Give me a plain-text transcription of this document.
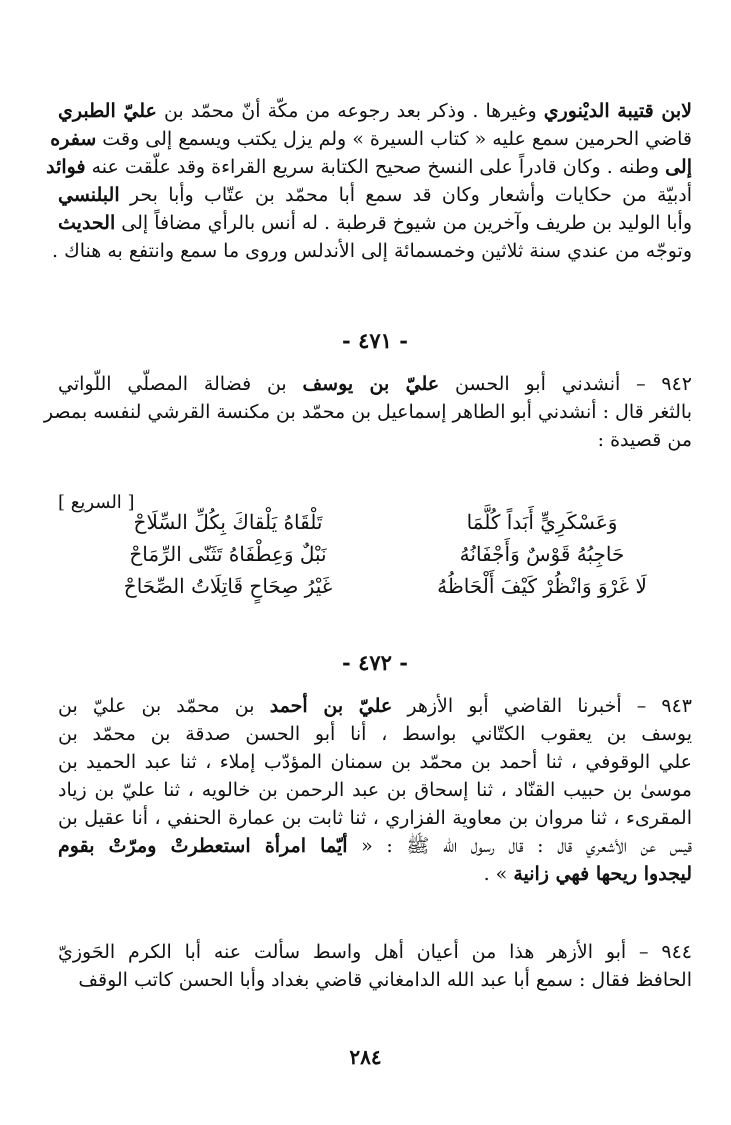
لابن قتيبة الديْنوري وغيرها . وذكر بعد رجوعه من مكّة أنّ محمّد بن عليّ الطبري
قاضي الحرمين سمع عليه « كتاب السيرة » ولم يزل يكتب ويسمع إلى وقت سفره
إلى وطنه . وكان قادراً على النسخ صحيح الكتابة سريع القراءة وقد علّقت عنه فوائد
أدبيّة من حكايات وأشعار وكان قد سمع أبا محمّد بن عتّاب وأبا بحر البلنسي
وأبا الوليد بن طريف وآخرين من شيوخ قرطبة . له أنس بالرأي مضافاً إلى الحديث
وتوجّه من عندي سنة ثلاثين وخمسمائة إلى الأندلس وروى ما سمع وانتفع به هناك .
- ٤٧١ -
٩٤٢ – أنشدني أبو الحسن عليّ بن يوسف بن فضالة المصلّي اللّواتي
بالثغر قال : أنشدني أبو الطاهر إسماعيل بن محمّد بن مكنسة القرشي لنفسه بمصر
من قصيدة :
[ السريع ]
وَعَسْكَرِيٍّ أَبَداً كُلَّمَا
تَلْقَاهُ يَلْقاكَ بِكُلِّ السِّلَاحْ
حَاجِبُهُ قَوْسٌ وَأَجْفَانُهُ
نَبْلٌ وَعِطْفَاهُ تَثَنّى الرِّمَاحْ
لَا غَرْوَ وَانْظُرْ كَيْفَ أَلْحَاظُهُ
غَيْرُ صِحَاحٍ قَاتِلَاتُ الصِّحَاحْ
- ٤٧٢ -
٩٤٣ – أخبرنا القاضي أبو الأزهر عليّ بن أحمد بن محمّد بن عليّ بن
يوسف بن يعقوب الكتّاني بواسط ، أنا أبو الحسن صدقة بن محمّد بن
علي الوقوفي ، ثنا أحمد بن محمّد بن سمنان المؤدّب إملاء ، ثنا عبد الحميد بن
موسىٰ بن حبيب القنّاد ، ثنا إسحاق بن عبد الرحمن بن خالويه ، ثنا عليّ بن زياد
المقرىء ، ثنا مروان بن معاوية الفزاري ، ثنا ثابت بن عمارة الحنفي ، أنا عقيل بن
قيس عن الأشعري قال : قال رسول الله ﷺ : « أيّما امرأة استعطرتْ ومرّتْ بقوم
ليجدوا ريحها فهي زانية » .
٩٤٤ – أبو الأزهر هذا من أعيان أهل واسط سألت عنه أبا الكرم الحَوزيّ
الحافظ فقال : سمع أبا عبد الله الدامغاني قاضي بغداد وأبا الحسن كاتب الوقف
٢٨٤
